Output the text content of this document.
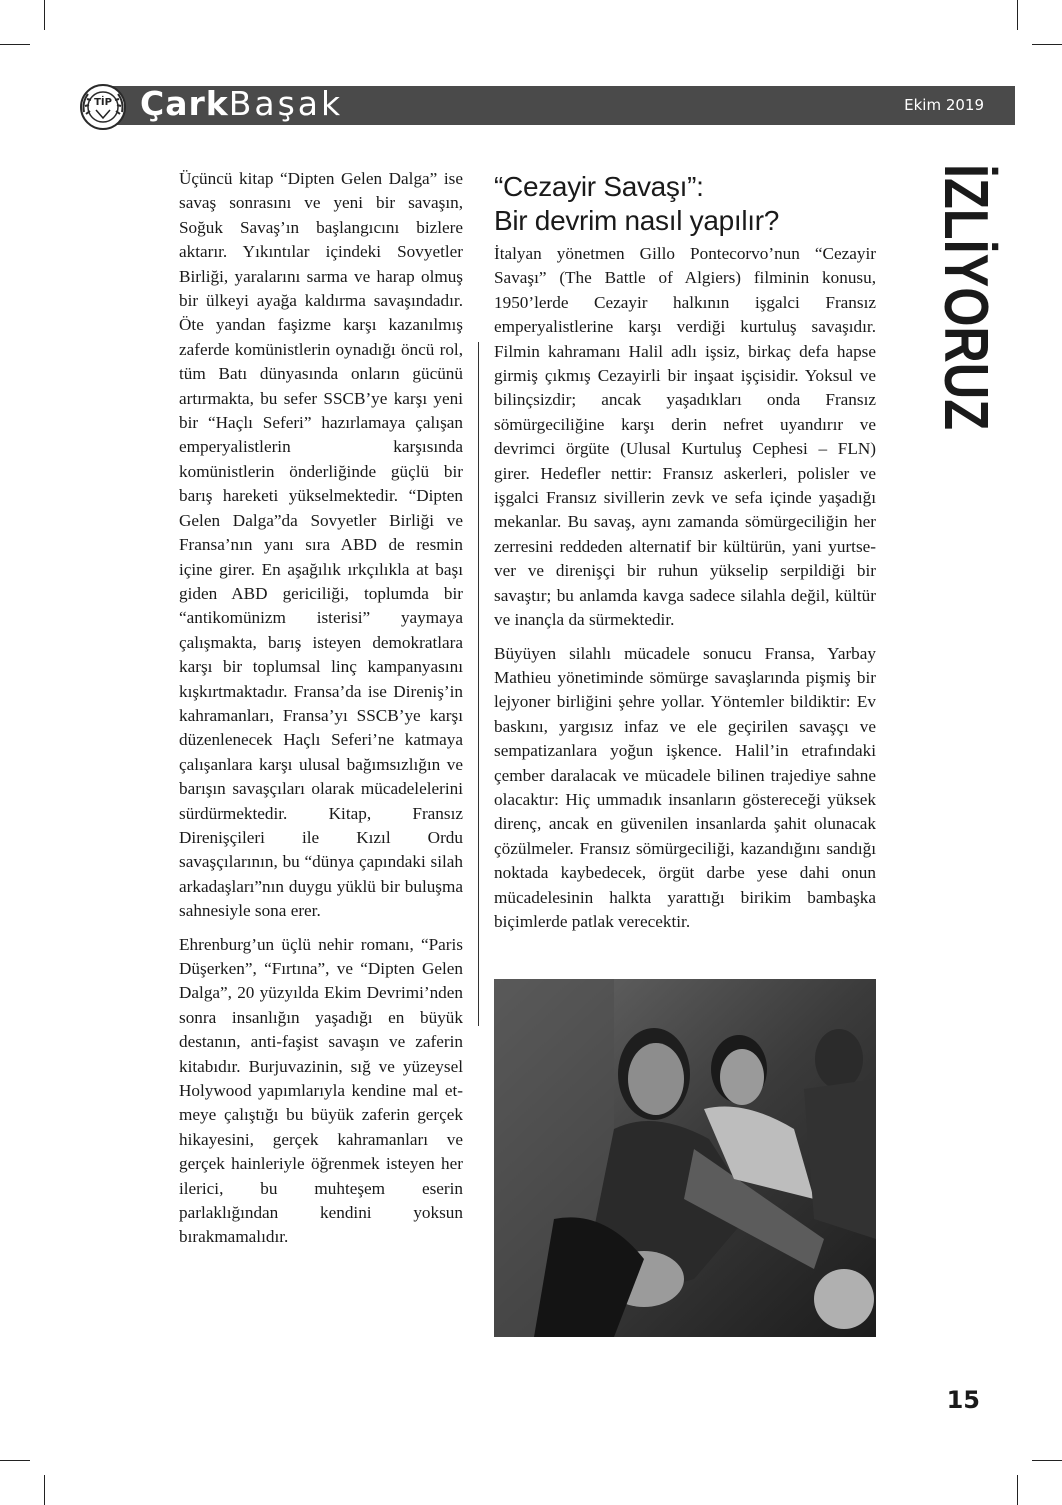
TİP ÇarkBaşak	Ekim 2019

Üçüncü kitap “Dipten Gelen Dalga” ise savaş sonrasını ve yeni bir savaşın, Soğuk Savaş’ın başlangıcını bizlere aktarır. Yıkıntılar içindeki Sovyetler Birliği, yaralarını sarma ve harap olmuş bir ülkeyi ayağa kaldırma savaşındadır. Öte yandan faşizme karşı kazanılmış zaferde komünistlerin oynadığı öncü rol, tüm Batı dünyasında onların gücünü artırmakta, bu sefer SSCB’ye karşı yeni bir “Haçlı Seferi” hazırlamaya çalışan emperyalistlerin karşısında komünistlerin önderliğinde güçlü bir barış hareketi yükselmektedir. “Dipten Gelen Dalga”da Sovyetler Birliği ve Fransa’nın yanı sıra ABD de resmin içine girer. En aşağılık ırkçılıkla at başı giden ABD gericiliği, toplumda bir “antikomünizm isterisi” yaymaya çalışmakta, barış isteyen demokratlara karşı bir toplumsal linç kampanyasını kışkırtmaktadır. Fransa’da ise Direniş’in kahramanları, Fransa’yı SSCB’ye karşı düzenlenecek Haçlı Seferi’ne katmaya çalışanlara karşı ulusal bağımsızlığın ve barışın savaşçıları olarak mücadelelerini sürdürmektedir. Kitap, Fransız Direnişçileri ile Kızıl Ordu savaşçılarının, bu “dünya çapındaki silah arkadaşları”nın duygu yüklü bir buluşma sahnesiyle sona erer.

Ehrenburg’un üçlü nehir romanı, “Paris Düşerken”, “Fırtına”, ve “Dipten Gelen Dalga”, 20 yüzyılda Ekim Devrimi’nden sonra insanlığın yaşadığı en büyük destanın, anti-faşist savaşın ve zaferin kitabıdır. Burjuvazinin, sığ ve yüzeysel Holywood yapımlarıyla kendine mal etmeye çalıştığı bu büyük zaferin gerçek hikayesini, gerçek kahramanları ve gerçek hainleriyle öğrenmek isteyen her ilerici, bu muhteşem eserin parlaklığından kendini yoksun bırakmamalıdır.

“Cezayir Savaşı”:
Bir devrim nasıl yapılır?

İtalyan yönetmen Gillo Pontecorvo’nun “Cezayir Savaşı” (The Battle of Algiers) filminin konusu, 1950’lerde Cezayir halkının işgalci Fransız emperyalistlerine karşı verdiği kurtuluş savaşıdır. Filmin kahramanı Halil adlı işsiz, birkaç defa hapse girmiş çıkmış Cezayirli bir inşaat işçisidir. Yoksul ve bilinçsizdir; ancak yaşadıkları onda Fransız sömürgeciliğine karşı derin nefret uyandırır ve devrimci örgüte (Ulusal Kurtuluş Cephesi – FLN) girer. Hedefler nettir: Fransız askerleri, polisler ve işgalci Fransız sivillerin zevk ve sefa içinde yaşadığı mekanlar. Bu savaş, aynı zamanda sömürgeciliğin her zerresini reddeden alternatif bir kültürün, yani yurtsever ve direnişçi bir ruhun yükselip serpildiği bir savaştır; bu anlamda kavga sadece silahla değil, kültür ve inançla da sürmektedir.

Büyüyen silahlı mücadele sonucu Fransa, Yarbay Mathieu yönetiminde sömürge savaşlarında pişmiş bir lejyoner birliğini şehre yollar. Yöntemler bildiktir: Ev baskını, yargısız infaz ve ele geçirilen savaşçı ve sempatizanlara yoğun işkence. Halil’in etrafındaki çember daralacak ve mücadele bilinen trajediye sahne olacaktır: Hiç ummadık insanların göstereceği yüksek direnç, ancak en güvenilen insanlarda şahit olunacak çözülmeler. Fransız sömürgeciliği, kazandığını sandığı noktada kaybedecek, örgüt darbe yese dahi onun mücadelesinin halkta yarattığı birikim bambaşka biçimlerde patlak verecektir.

İZLİYORUZ
15
